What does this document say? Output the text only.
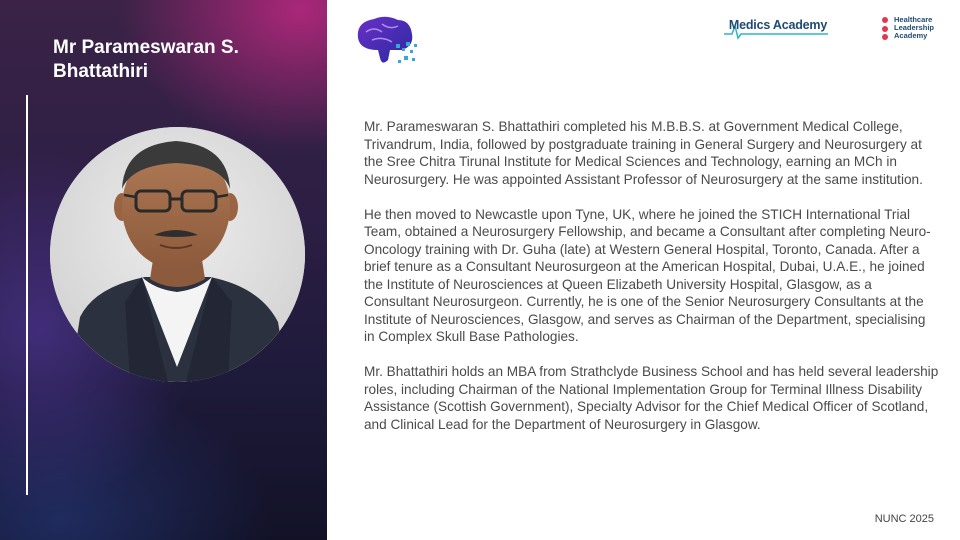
Mr Parameswaran S.
Bhattathiri
Medics Academy	Healthcare
Leadership
Academy

Mr. Parameswaran S. Bhattathiri completed his M.B.B.S. at Government Medical College, Trivandrum, India, followed by postgraduate training in General Surgery and Neurosurgery at the Sree Chitra Tirunal Institute for Medical Sciences and Technology, earning an MCh in Neurosurgery. He was appointed Assistant Professor of Neurosurgery at the same institution.

He then moved to Newcastle upon Tyne, UK, where he joined the STICH International Trial Team, obtained a Neurosurgery Fellowship, and became a Consultant after completing Neuro-Oncology training with Dr. Guha (late) at Western General Hospital, Toronto, Canada. After a brief tenure as a Consultant Neurosurgeon at the American Hospital, Dubai, U.A.E., he joined the Institute of Neurosciences at Queen Elizabeth University Hospital, Glasgow, as a Consultant Neurosurgeon. Currently, he is one of the Senior Neurosurgery Consultants at the Institute of Neurosciences, Glasgow, and serves as Chairman of the Department, specialising in Complex Skull Base Pathologies.

Mr. Bhattathiri holds an MBA from Strathclyde Business School and has held several leadership roles, including Chairman of the National Implementation Group for Terminal Illness Disability Assistance (Scottish Government), Specialty Advisor for the Chief Medical Officer of Scotland, and Clinical Lead for the Department of Neurosurgery in Glasgow.

NUNC 2025
